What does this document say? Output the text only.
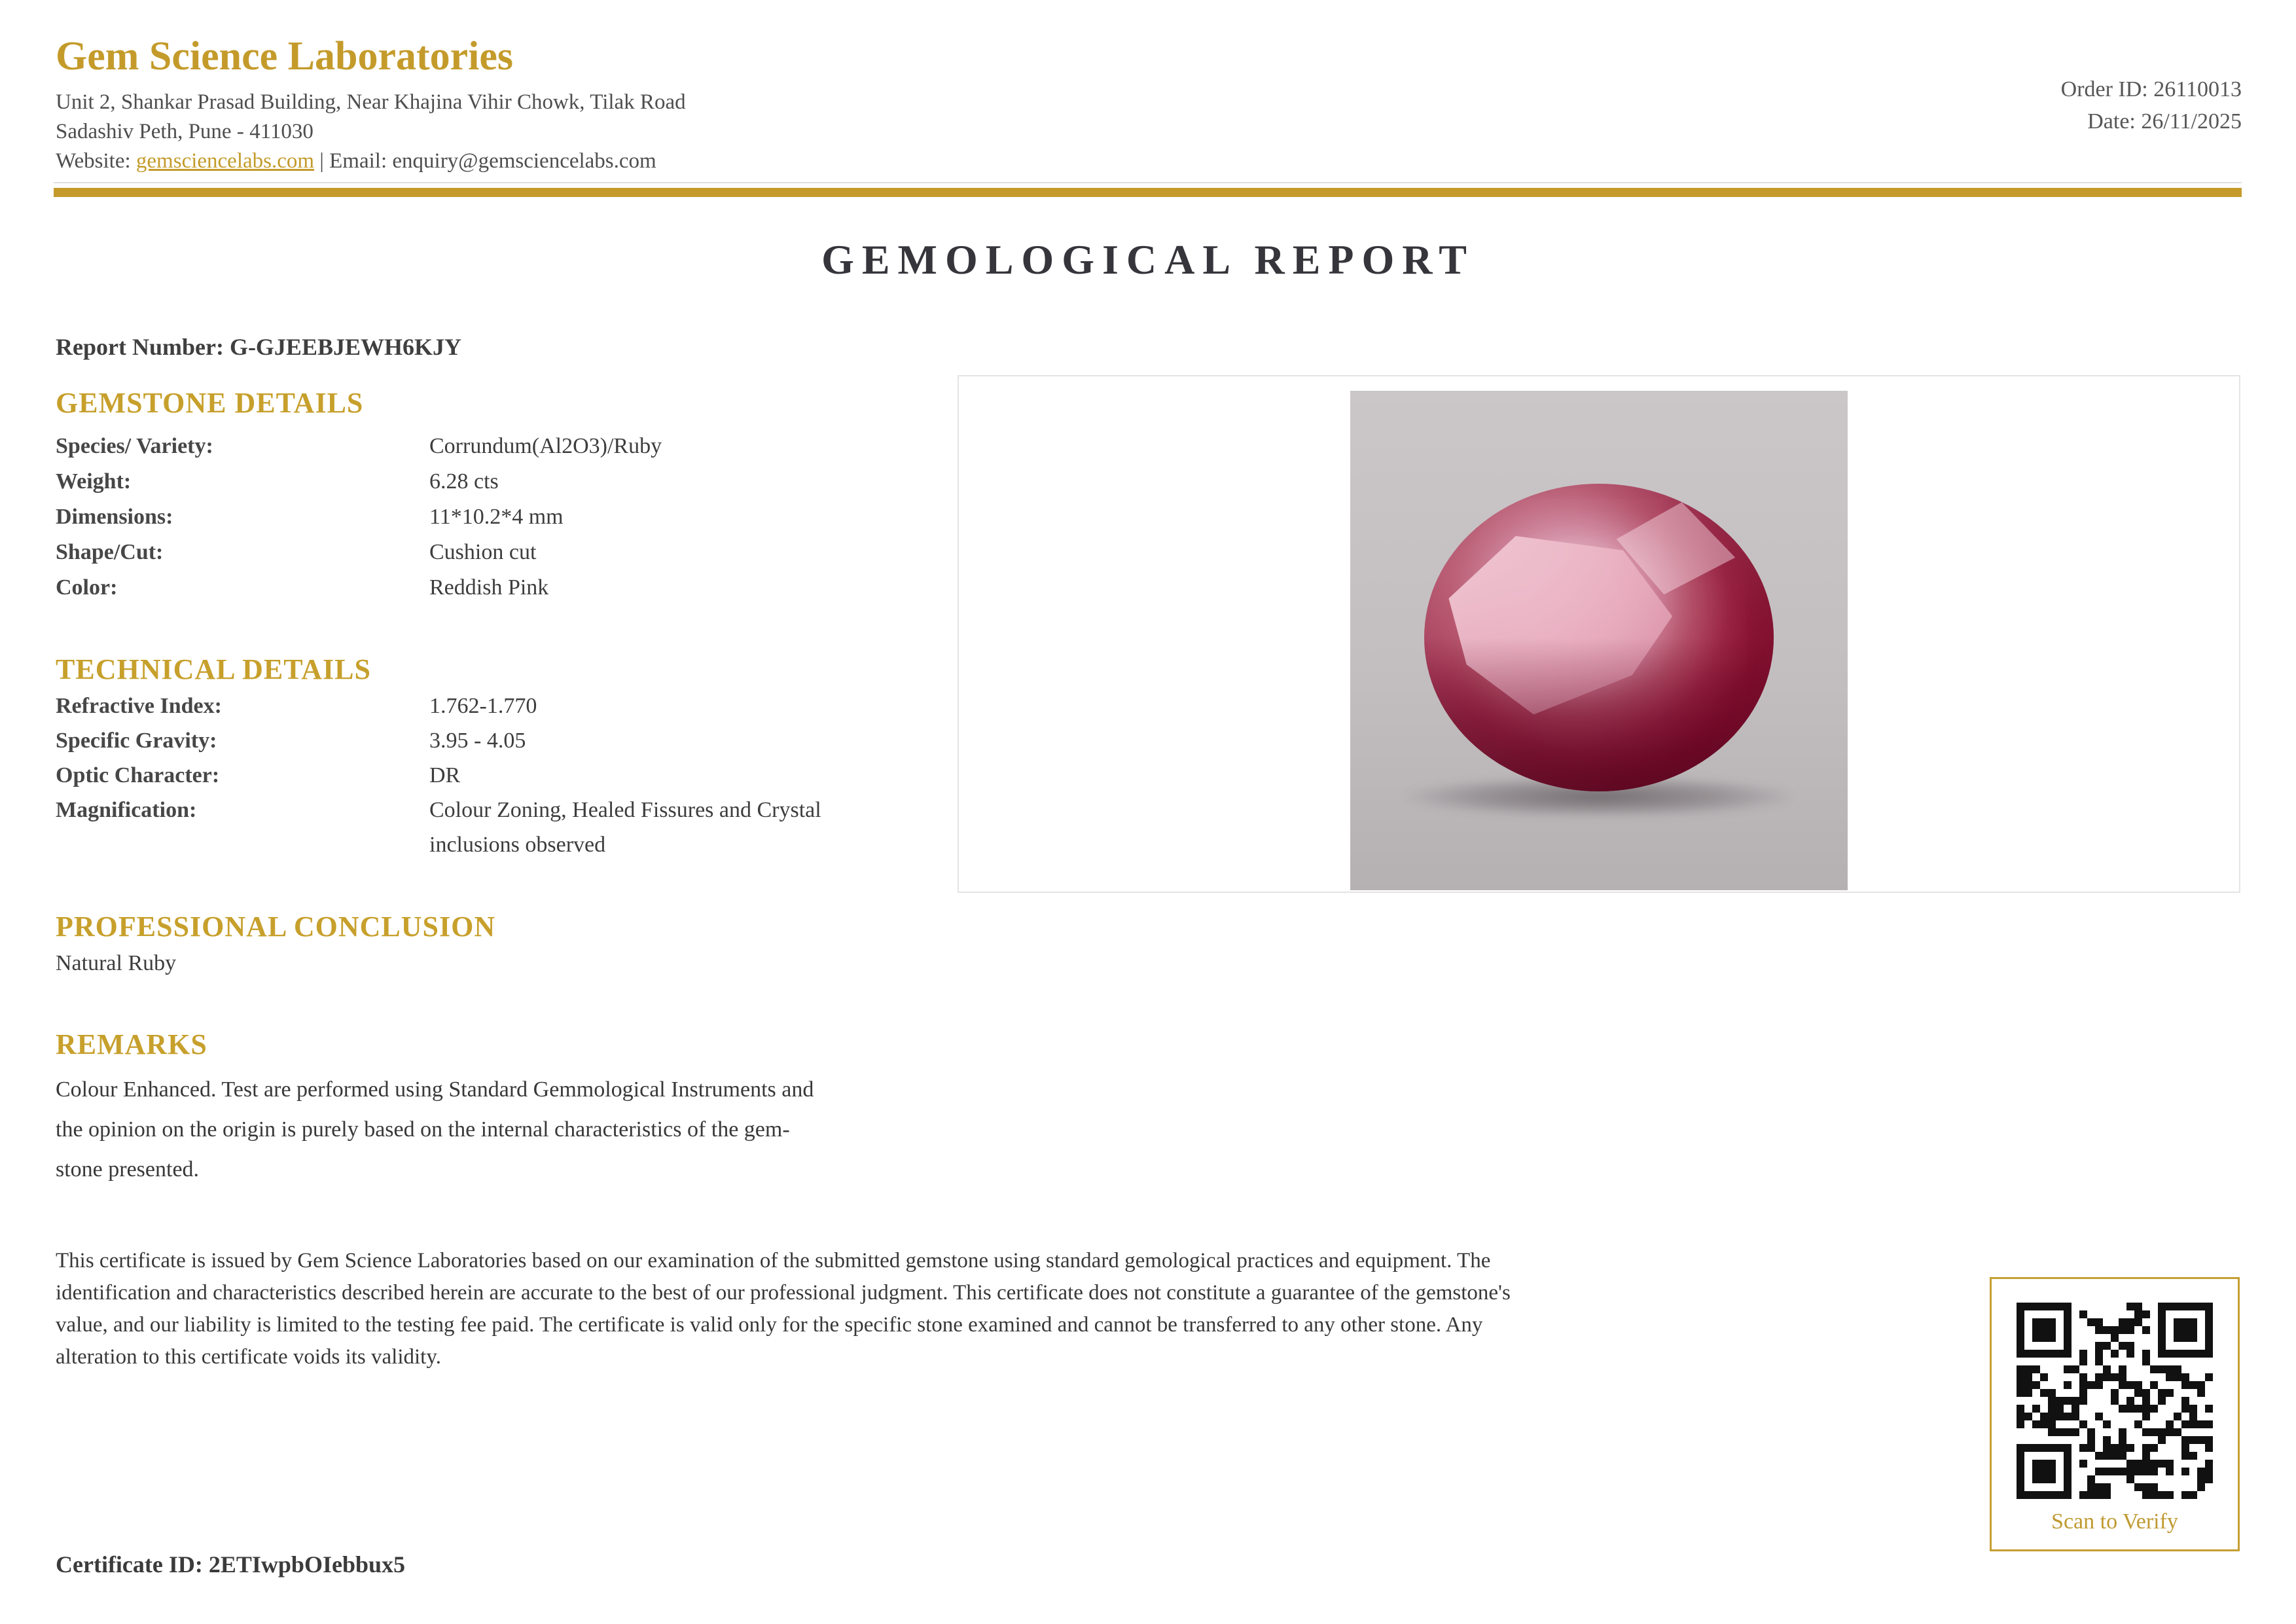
Gem Science Laboratories
Unit 2, Shankar Prasad Building, Near Khajina Vihir Chowk, Tilak Road
Sadashiv Peth, Pune - 411030
Website: gemsciencelabs.com | Email: enquiry@gemsciencelabs.com
Order ID: 26110013
Date: 26/11/2025
GEMOLOGICAL REPORT
Report Number: G-GJEEBJEWH6KJY
GEMSTONE DETAILS
Species/ Variety:	Corrundum(Al2O3)/Ruby
Weight:	6.28 cts
Dimensions:	11*10.2*4 mm
Shape/Cut:	Cushion cut
Color:	Reddish Pink
TECHNICAL DETAILS
Refractive Index:	1.762-1.770
Specific Gravity:	3.95 - 4.05
Optic Character:	DR
Magnification:	Colour Zoning, Healed Fissures and Crystal inclusions observed
PROFESSIONAL CONCLUSION
Natural Ruby
REMARKS
Colour Enhanced. Test are performed using Standard Gemmological Instruments and
the opinion on the origin is purely based on the internal characteristics of the gem-
stone presented.
This certificate is issued by Gem Science Laboratories based on our examination of the submitted gemstone using standard gemological practices and equipment. The
identification and characteristics described herein are accurate to the best of our professional judgment. This certificate does not constitute a guarantee of the gemstone's
value, and our liability is limited to the testing fee paid. The certificate is valid only for the specific stone examined and cannot be transferred to any other stone. Any
alteration to this certificate voids its validity.
Certificate ID: 2ETIwpbOIebbux5
Scan to Verify
